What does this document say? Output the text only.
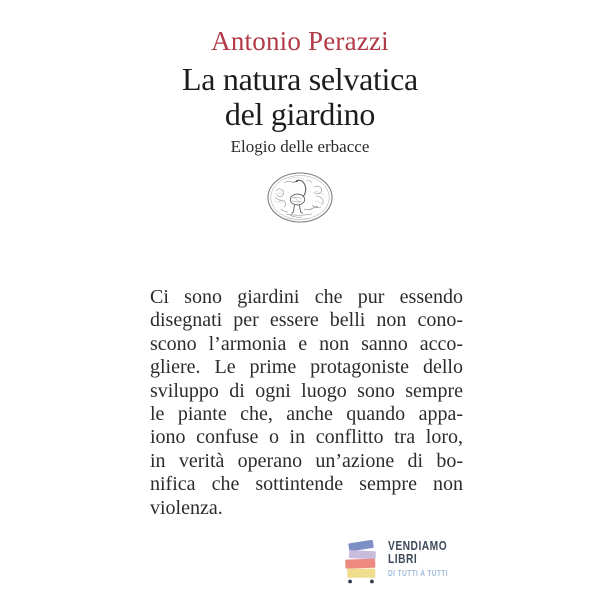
Antonio Perazzi
La natura selvatica
del giardino
Elogio delle erbacce
Ci sono giardini che pur essendo
disegnati per essere belli non cono-
scono l’armonia e non sanno acco-
gliere. Le prime protagoniste dello
sviluppo di ogni luogo sono sempre
le piante che, anche quando appa-
iono confuse o in conflitto tra loro,
in verità operano un’azione di bo-
nifica che sottintende sempre non
violenza.
VENDIAMO
LIBRI
DI TUTTI A TUTTI
